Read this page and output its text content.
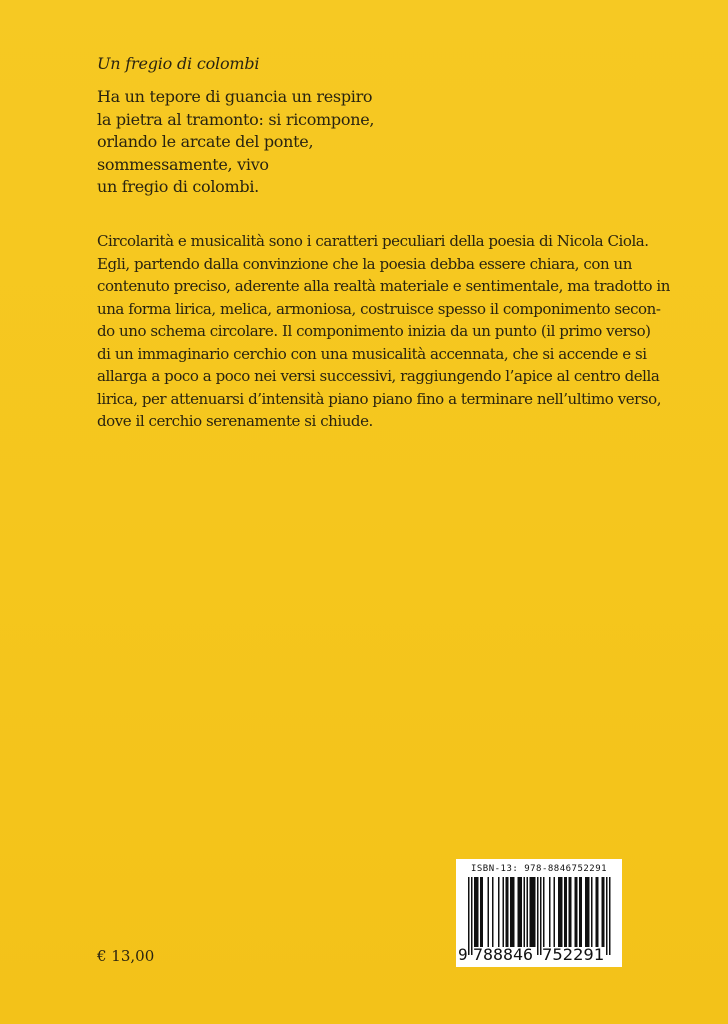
Un fregio di colombi
Ha un tepore di guancia un respiro
la pietra al tramonto: si ricompone,
orlando le arcate del ponte,
sommessamente, vivo
un fregio di colombi.
Circolarità e musicalità sono i caratteri peculiari della poesia di Nicola Ciola.
Egli, partendo dalla convinzione che la poesia debba essere chiara, con un
contenuto preciso, aderente alla realtà materiale e sentimentale, ma tradotto in
una forma lirica, melica, armoniosa, costruisce spesso il componimento secon-
do uno schema circolare. Il componimento inizia da un punto (il primo verso)
di un immaginario cerchio con una musicalità accennata, che si accende e si
allarga a poco a poco nei versi successivi, raggiungendo l’apice al centro della
lirica, per attenuarsi d’intensità piano piano fino a terminare nell’ultimo verso,
dove il cerchio serenamente si chiude.

€ 13,00

ISBN-13: 978-8846752291
9 788846 752291
